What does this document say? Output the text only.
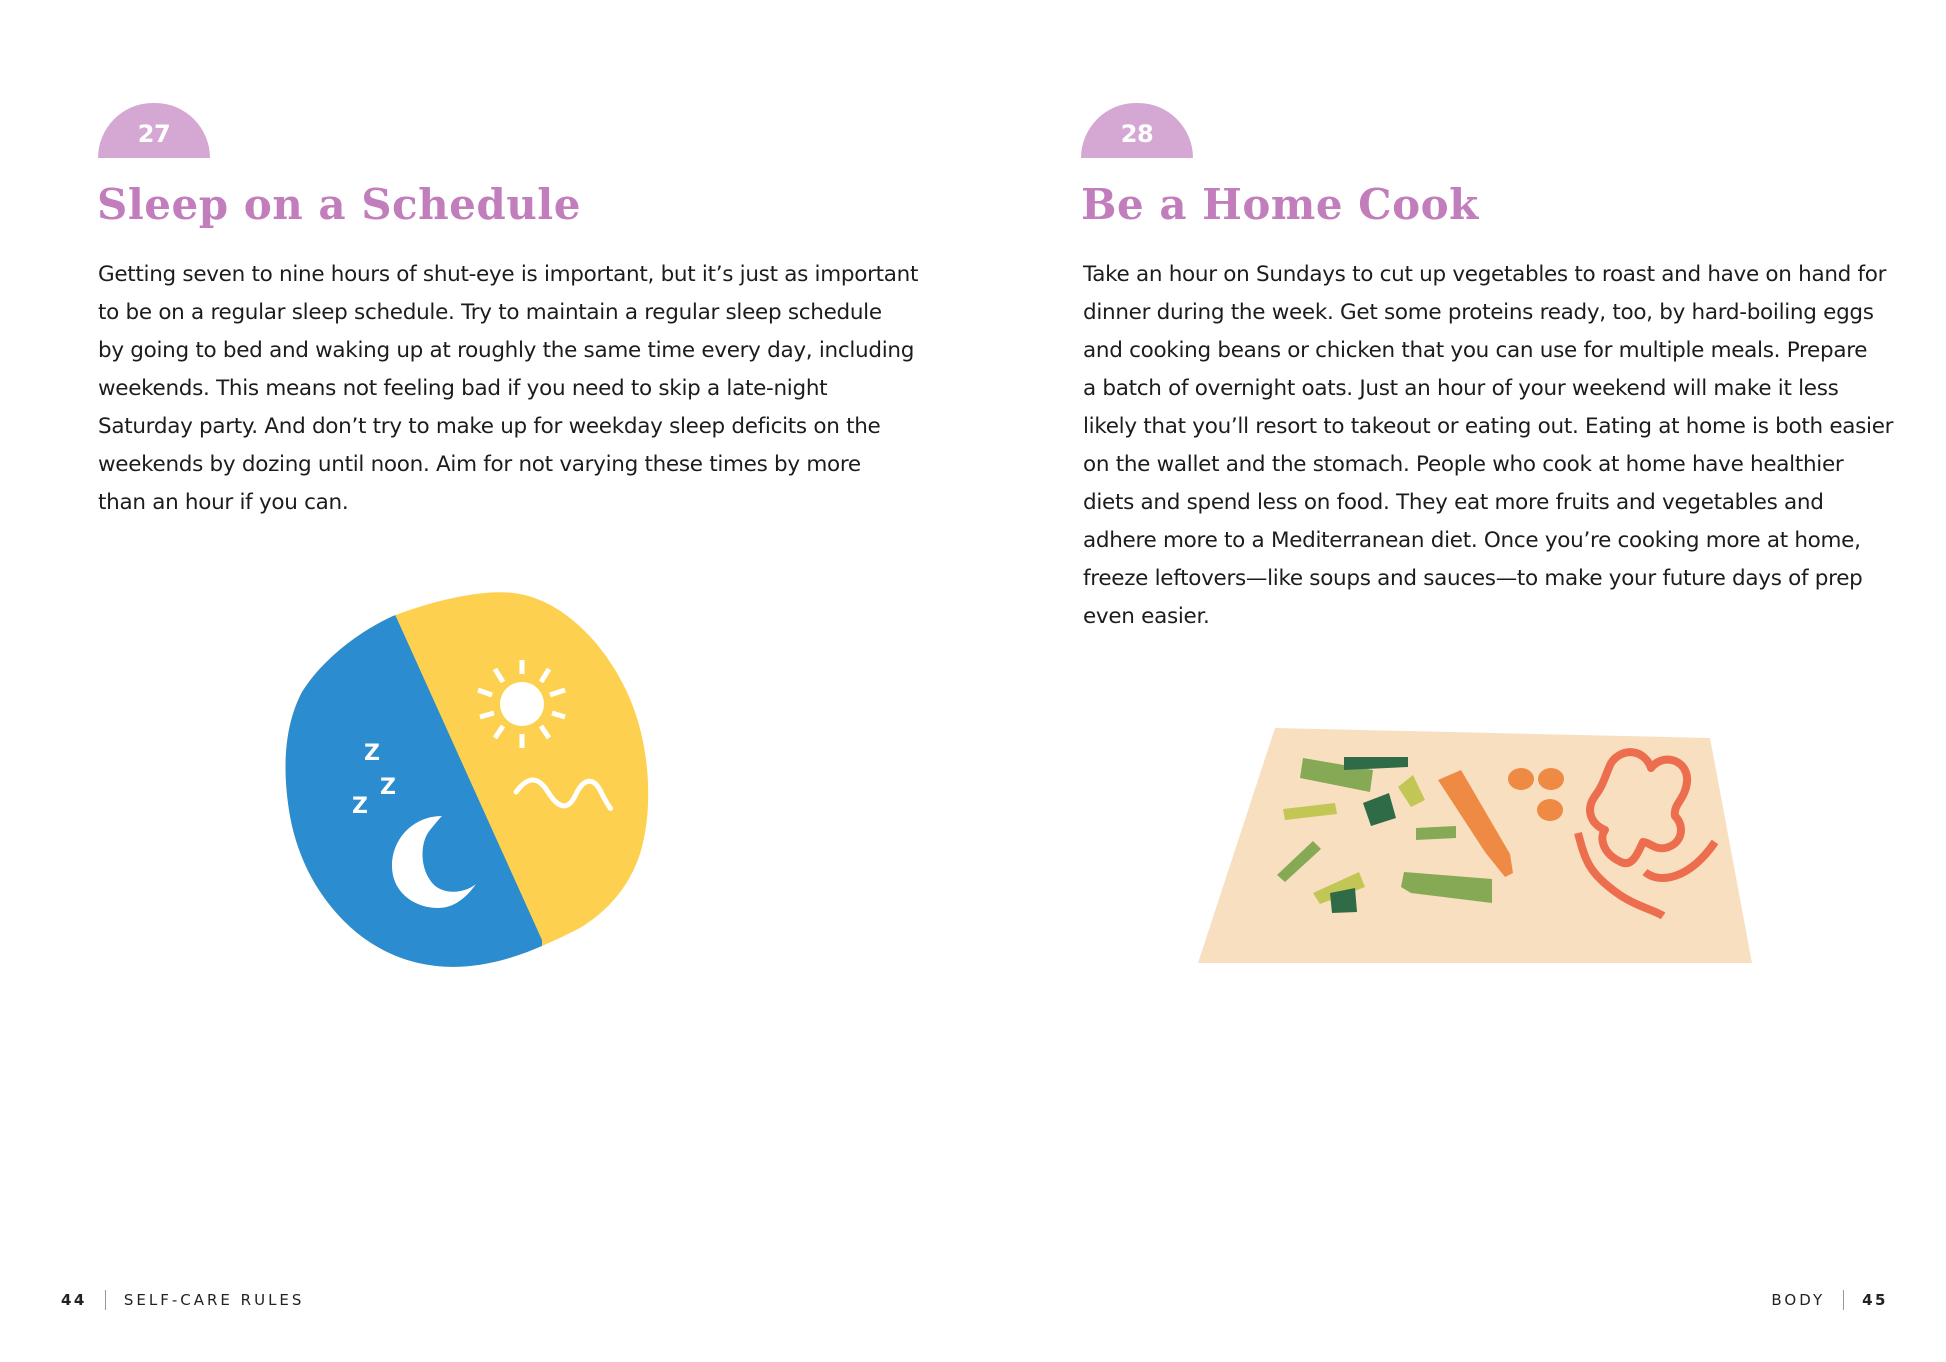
27
Sleep on a Schedule

Getting seven to nine hours of shut-eye is important, but it’s just as important
to be on a regular sleep schedule. Try to maintain a regular sleep schedule
by going to bed and waking up at roughly the same time every day, including
weekends. This means not feeling bad if you need to skip a late-night
Saturday party. And don’t try to make up for weekday sleep deficits on the
weekends by dozing until noon. Aim for not varying these times by more
than an hour if you can.

Z
Z
Z
44 SELF-CARE RULES
28
Be a Home Cook

Take an hour on Sundays to cut up vegetables to roast and have on hand for
dinner during the week. Get some proteins ready, too, by hard-boiling eggs
and cooking beans or chicken that you can use for multiple meals. Prepare
a batch of overnight oats. Just an hour of your weekend will make it less
likely that you’ll resort to takeout or eating out. Eating at home is both easier
on the wallet and the stomach. People who cook at home have healthier
diets and spend less on food. They eat more fruits and vegetables and
adhere more to a Mediterranean diet. Once you’re cooking more at home,
freeze leftovers—like soups and sauces—to make your future days of prep
even easier.

BODY 45
